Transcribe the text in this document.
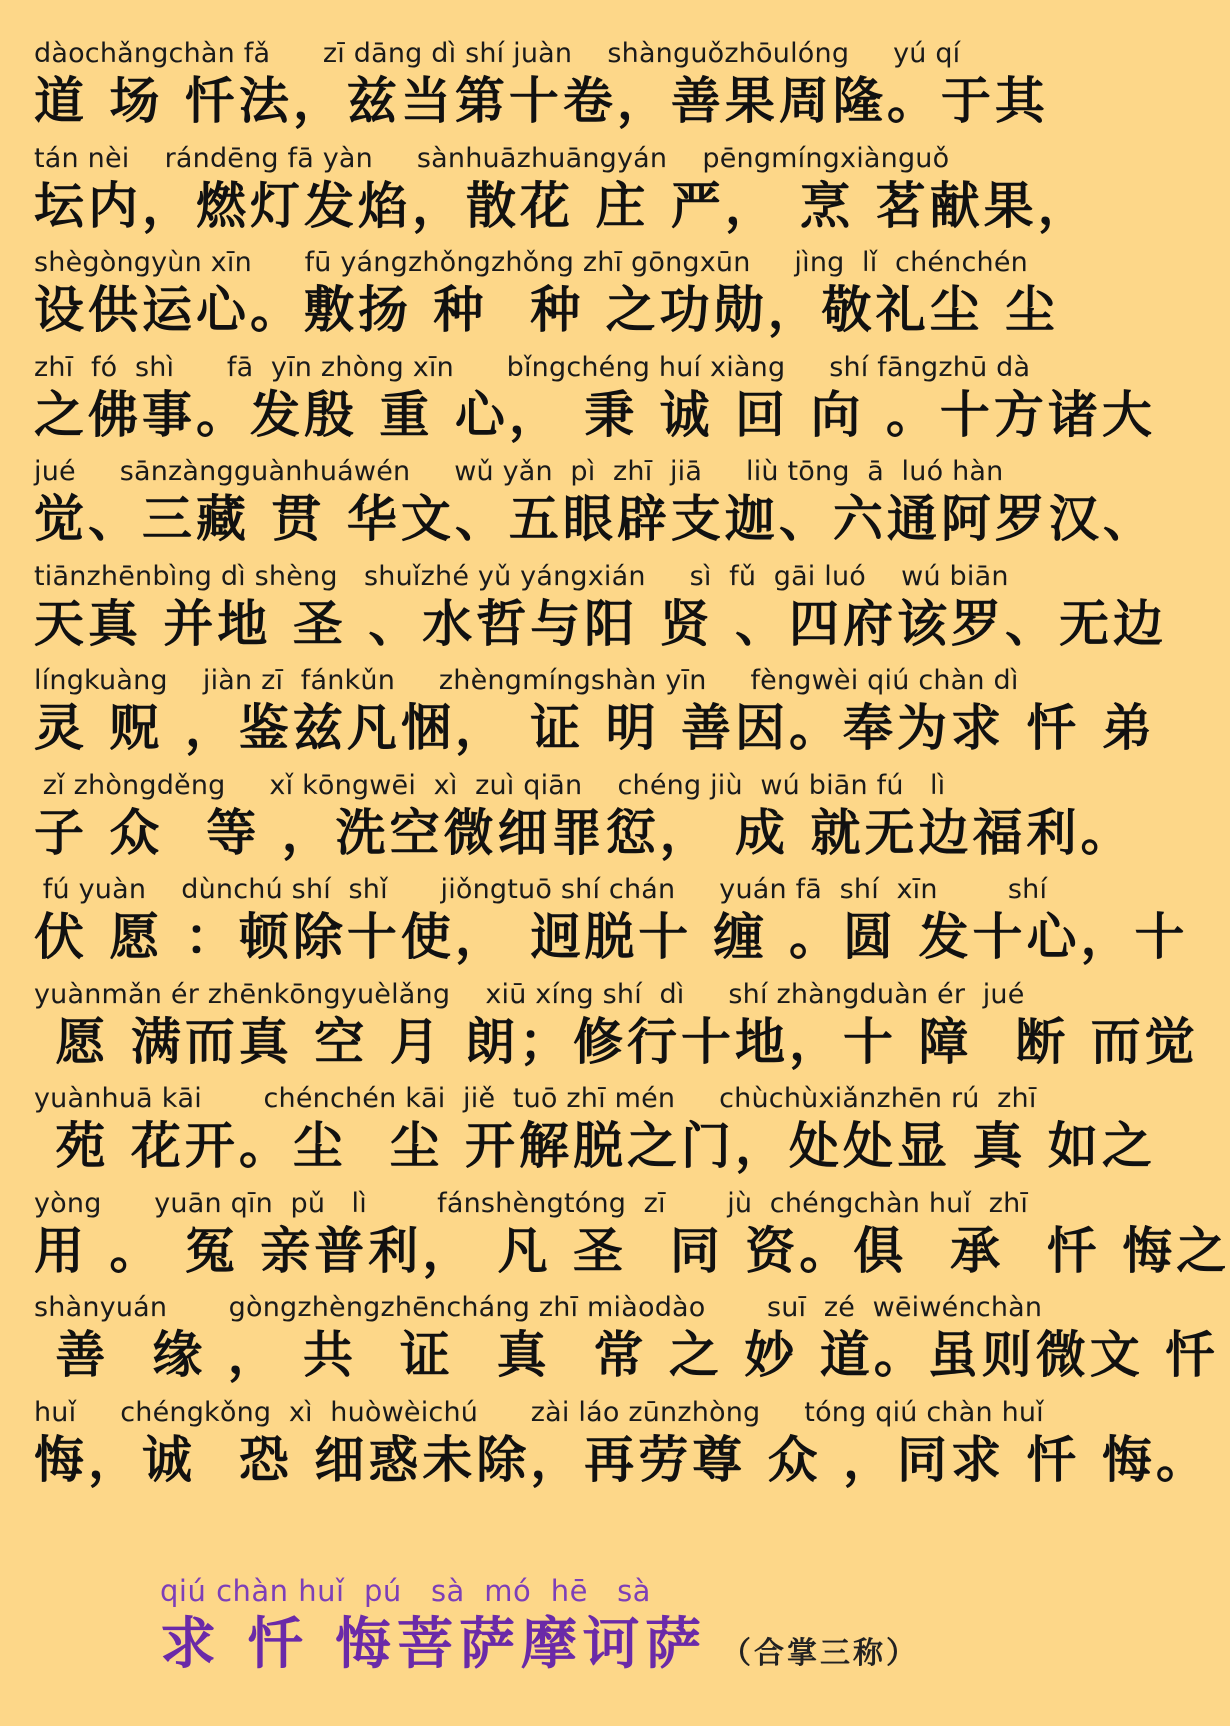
dàochǎngchàn fǎ      zī dāng dì shí juàn    shànguǒzhōulóng     yú qí
道 场 忏法，兹当第十卷，善果周隆。于其
tán nèi    rándēng fā yàn     sànhuāzhuāngyán    pēngmíngxiànguǒ
坛内，燃灯发焰，散花 庄 严， 烹 茗献果，
shègòngyùn xīn      fū yángzhǒngzhǒng zhī gōngxūn     jìng  lǐ  chénchén
设供运心。敷扬 种  种 之功勋，敬礼尘 尘
zhī  fó  shì      fā  yīn zhòng xīn      bǐngchéng huí xiàng     shí fāngzhū dà
之佛事。发殷 重 心， 秉 诚 回 向 。十方诸大
jué     sānzàngguànhuáwén     wǔ yǎn  pì  zhī  jiā     liù tōng  ā  luó hàn
觉、三藏 贯 华文、五眼辟支迦、六通阿罗汉、
tiānzhēnbìng dì shèng   shuǐzhé yǔ yángxián     sì  fǔ  gāi luó    wú biān
天真 并地 圣 、水哲与阳 贤 、四府该罗、无边
língkuàng    jiàn zī  fánkǔn     zhèngmíngshàn yīn     fèngwèi qiú chàn dì
灵 贶 ，鉴兹凡悃， 证 明 善因。奉为求 忏 弟
zǐ zhòngděng     xǐ kōngwēi  xì  zuì qiān    chéng jiù  wú biān fú   lì
子 众  等 ，洗空微细罪愆， 成 就无边福利。
fú yuàn    dùnchú shí  shǐ      jiǒngtuō shí chán     yuán fā  shí  xīn        shí
伏 愿 ：顿除十使， 迥脱十 缠 。圆 发十心，十
yuànmǎn ér zhēnkōngyuèlǎng    xiū xíng shí  dì     shí zhàngduàn ér  jué
愿 满而真 空 月 朗；修行十地，十 障  断 而觉
yuànhuā kāi       chénchén kāi  jiě  tuō zhī mén     chùchùxiǎnzhēn rú  zhī
苑 花开。尘  尘 开解脱之门，处处显 真 如之
yòng      yuān qīn  pǔ   lì        fánshèngtóng  zī       jù  chéngchàn huǐ  zhī
用 。 冤 亲普利， 凡 圣  同 资。俱  承  忏 悔之
shànyuán       gòngzhèngzhēncháng zhī miàodào       suī  zé  wēiwénchàn
善  缘 ， 共  证  真  常 之 妙 道。虽则微文 忏
huǐ     chéngkǒng  xì  huòwèichú      zài láo zūnzhòng     tóng qiú chàn huǐ
悔，诚  恐 细惑未除，再劳尊 众 ，同求 忏 悔。
qiú chàn huǐ  pú   sà  mó  hē   sà
求 忏 悔菩萨摩诃萨 （合掌三称）
